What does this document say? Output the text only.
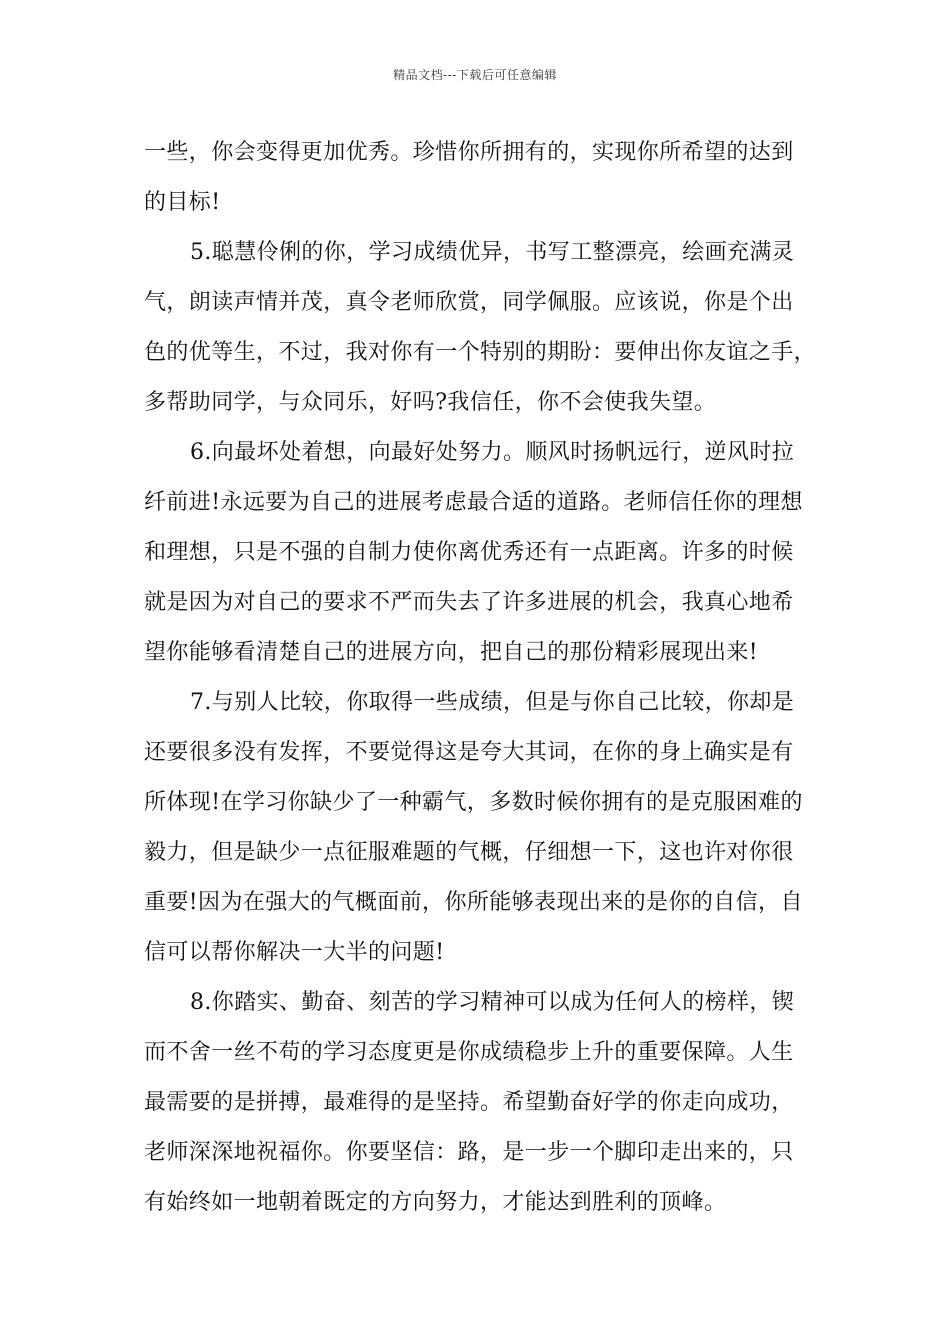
精品文档---下载后可任意编辑
一些，你会变得更加优秀。珍惜你所拥有的，实现你所希望的达到
的目标!
5.聪慧伶俐的你，学习成绩优异，书写工整漂亮，绘画充满灵
气，朗读声情并茂，真令老师欣赏，同学佩服。应该说，你是个出
色的优等生，不过，我对你有一个特别的期盼：要伸出你友谊之手，
多帮助同学，与众同乐，好吗?我信任，你不会使我失望。
6.向最坏处着想，向最好处努力。顺风时扬帆远行，逆风时拉
纤前进!永远要为自己的进展考虑最合适的道路。老师信任你的理想
和理想，只是不强的自制力使你离优秀还有一点距离。许多的时候
就是因为对自己的要求不严而失去了许多进展的机会，我真心地希
望你能够看清楚自己的进展方向，把自己的那份精彩展现出来!
7.与别人比较，你取得一些成绩，但是与你自己比较，你却是
还要很多没有发挥，不要觉得这是夸大其词，在你的身上确实是有
所体现!在学习你缺少了一种霸气，多数时候你拥有的是克服困难的
毅力，但是缺少一点征服难题的气概，仔细想一下，这也许对你很
重要!因为在强大的气概面前，你所能够表现出来的是你的自信，自
信可以帮你解决一大半的问题!
8.你踏实、勤奋、刻苦的学习精神可以成为任何人的榜样，锲
而不舍一丝不苟的学习态度更是你成绩稳步上升的重要保障。人生
最需要的是拼搏，最难得的是坚持。希望勤奋好学的你走向成功，
老师深深地祝福你。你要坚信：路，是一步一个脚印走出来的，只
有始终如一地朝着既定的方向努力，才能达到胜利的顶峰。
